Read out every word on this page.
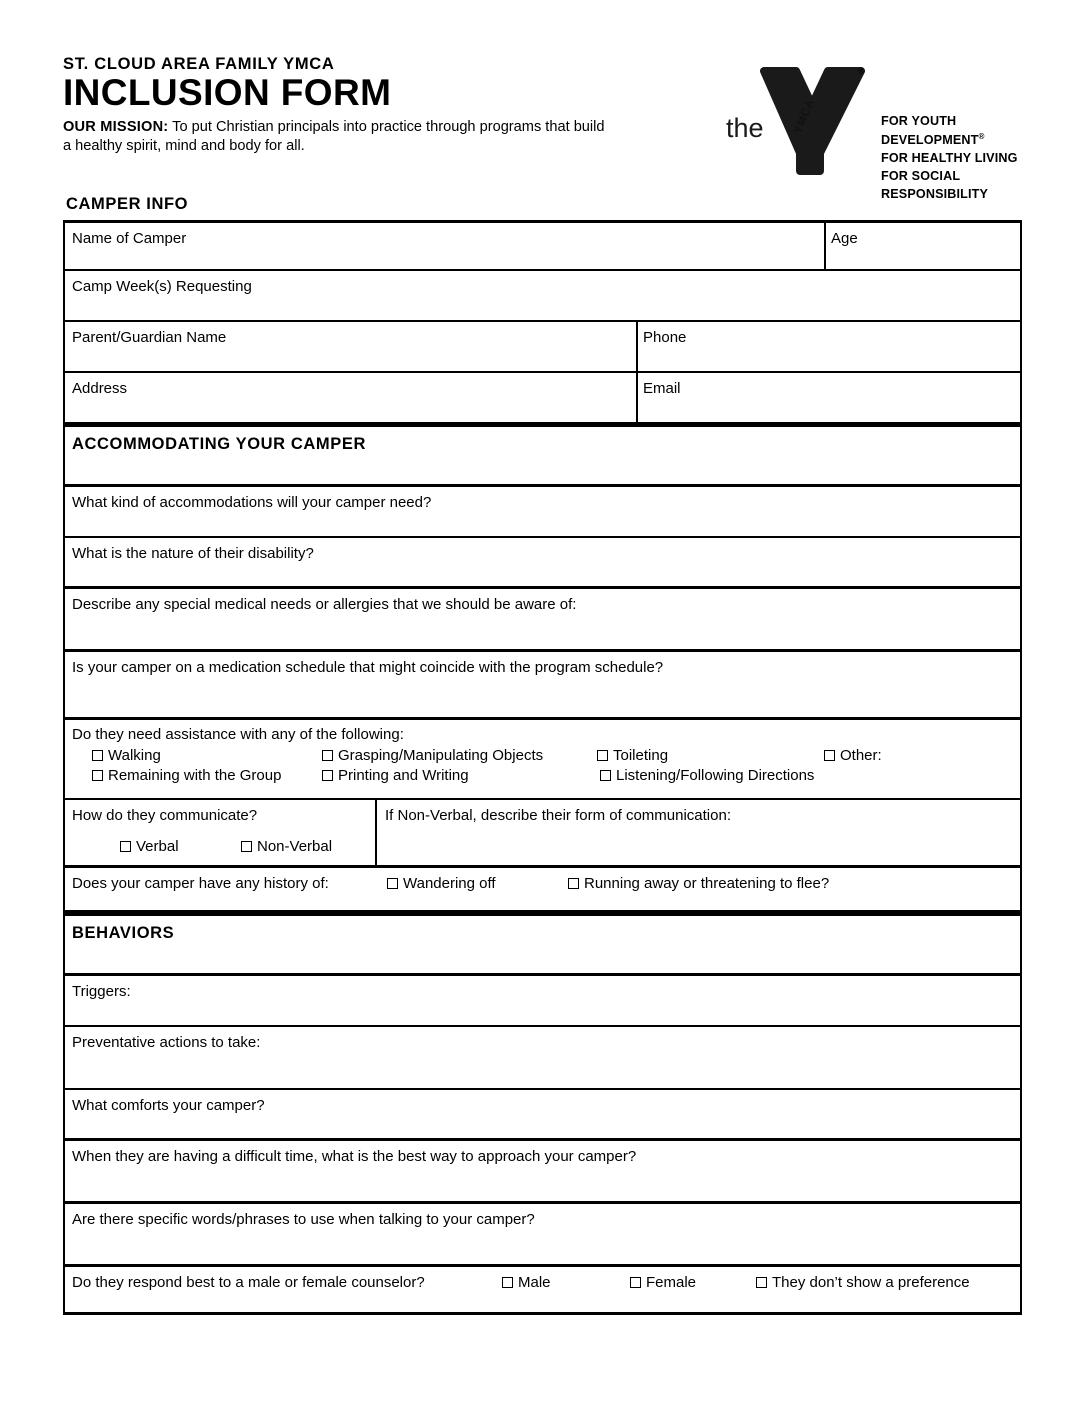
ST. CLOUD AREA FAMILY YMCA
INCLUSION FORM

OUR MISSION: To put Christian principals into practice through programs that build a healthy spirit, mind and body for all.

the
®
YMCA	FOR YOUTH DEVELOPMENT®
FOR HEALTHY LIVING
FOR SOCIAL RESPONSIBILITY
CAMPER INFO
Name of Camper	Age
Camp Week(s) Requesting
Parent/Guardian Name	Phone
Address	Email
ACCOMMODATING YOUR CAMPER
What kind of accommodations will your camper need?
What is the nature of their disability?
Describe any special medical needs or allergies that we should be aware of:
Is your camper on a medication schedule that might coincide with the program schedule?
Do they need assistance with any of the following:
Walking	Grasping/Manipulating Objects	Toileting	Other:
Remaining with the Group	Printing and Writing	Listening/Following Directions
How do they communicate?	If Non-Verbal, describe their form of communication:
Verbal	Non-Verbal
Does your camper have any history of:	Wandering off	Running away or threatening to flee?
BEHAVIORS
Triggers:
Preventative actions to take:
What comforts your camper?
When they are having a difficult time, what is the best way to approach your camper?
Are there specific words/phrases to use when talking to your camper?
Do they respond best to a male or female counselor?	Male	Female	They don’t show a preference
